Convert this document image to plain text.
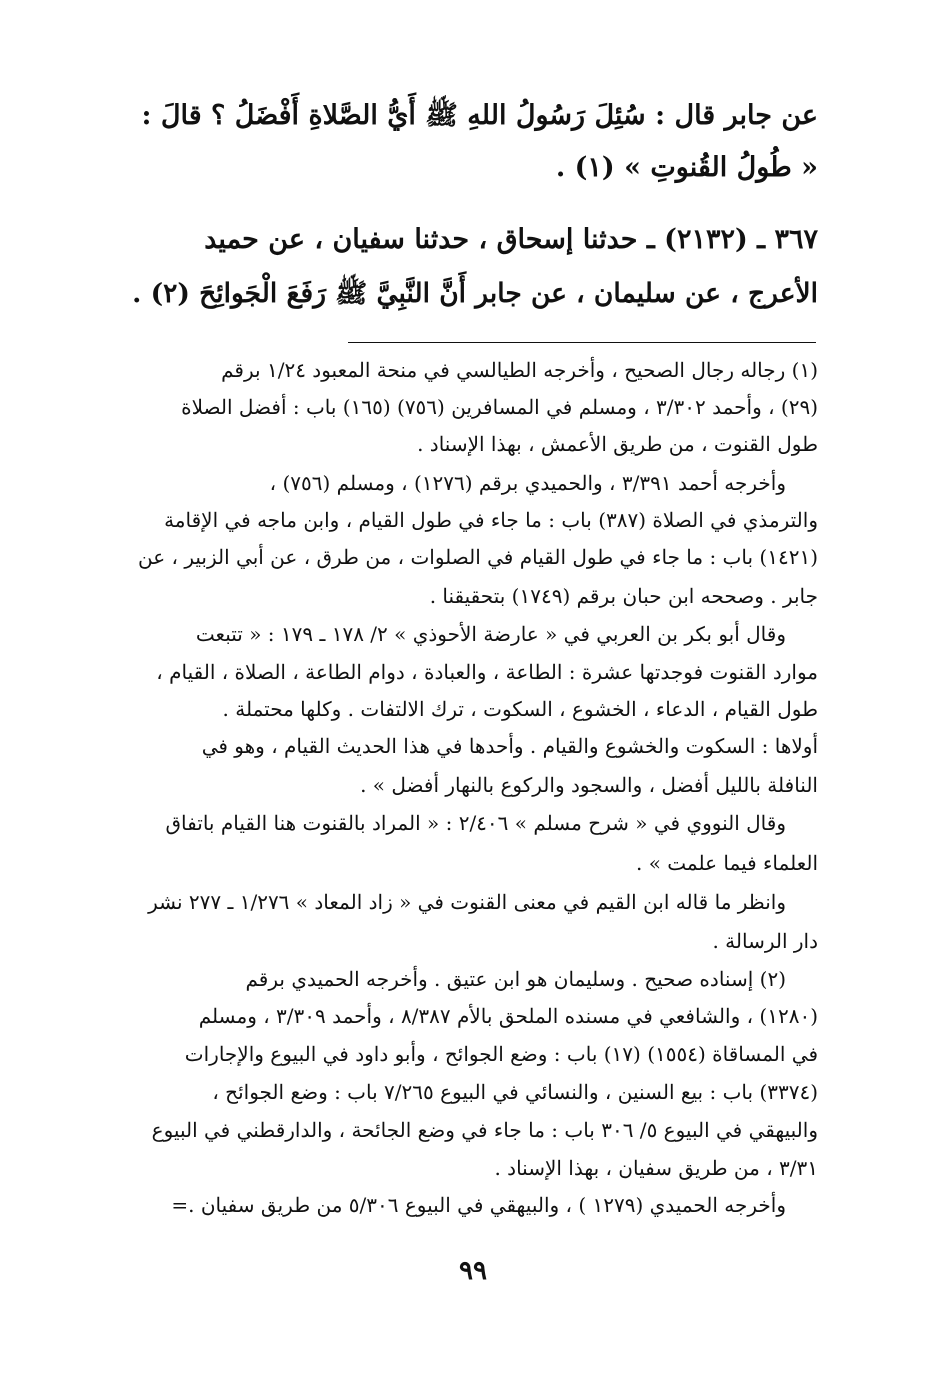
عن جابر قال : سُئِلَ رَسُولُ اللهِ ﷺ أَيُّ الصَّلاةِ أَفْضَلُ ؟ قالَ :
« طُولُ القُنوتِ » (١) .
٣٦٧ ـ (٢١٣٢) ـ حدثنا إسحاق ، حدثنا سفيان ، عن حميد
الأعرج ، عن سليمان ، عن جابر أَنَّ النَّبِيَّ ﷺ رَفَعَ الْجَوائِحَ (٢) .
(١) رجاله رجال الصحيح ، وأخرجه الطيالسي في منحة المعبود ١/٢٤ برقم
(٢٩) ، وأحمد ٣/٣٠٢ ، ومسلم في المسافرين (٧٥٦) (١٦٥) باب : أفضل الصلاة
طول القنوت ، من طريق الأعمش ، بهذا الإسناد .
وأخرجه أحمد ٣/٣٩١ ، والحميدي برقم (١٢٧٦) ، ومسلم (٧٥٦) ،
والترمذي في الصلاة (٣٨٧) باب : ما جاء في طول القيام ، وابن ماجه في الإقامة
(١٤٢١) باب : ما جاء في طول القيام في الصلوات ، من طرق ، عن أبي الزبير ، عن
جابر . وصححه ابن حبان برقم (١٧٤٩) بتحقيقنا .
وقال أبو بكر بن العربي في « عارضة الأحوذي » ٢/ ١٧٨ ـ ١٧٩ : « تتبعت
موارد القنوت فوجدتها عشرة : الطاعة ، والعبادة ، دوام الطاعة ، الصلاة ، القيام ،
طول القيام ، الدعاء ، الخشوع ، السكوت ، ترك الالتفات . وكلها محتملة .
أولاها : السكوت والخشوع والقيام . وأحدها في هذا الحديث القيام ، وهو في
النافلة بالليل أفضل ، والسجود والركوع بالنهار أفضل » .
وقال النووي في « شرح مسلم » ٢/٤٠٦ : « المراد بالقنوت هنا القيام باتفاق
العلماء فيما علمت » .
وانظر ما قاله ابن القيم في معنى القنوت في « زاد المعاد » ١/٢٧٦ ـ ٢٧٧ نشر
دار الرسالة .
(٢) إسناده صحيح . وسليمان هو ابن عتيق . وأخرجه الحميدي برقم
(١٢٨٠) ، والشافعي في مسنده الملحق بالأم ٨/٣٨٧ ، وأحمد ٣/٣٠٩ ، ومسلم
في المساقاة (١٥٥٤) (١٧) باب : وضع الجوائح ، وأبو داود في البيوع والإجارات
(٣٣٧٤) باب : بيع السنين ، والنسائي في البيوع ٧/٢٦٥ باب : وضع الجوائح ،
والبيهقي في البيوع ٥/ ٣٠٦ باب : ما جاء في وضع الجائحة ، والدارقطني في البيوع
٣/٣١ ، من طريق سفيان ، بهذا الإسناد .
وأخرجه الحميدي (١٢٧٩ ) ، والبيهقي في البيوع ٥/٣٠٦ من طريق سفيان .=
٩٩
